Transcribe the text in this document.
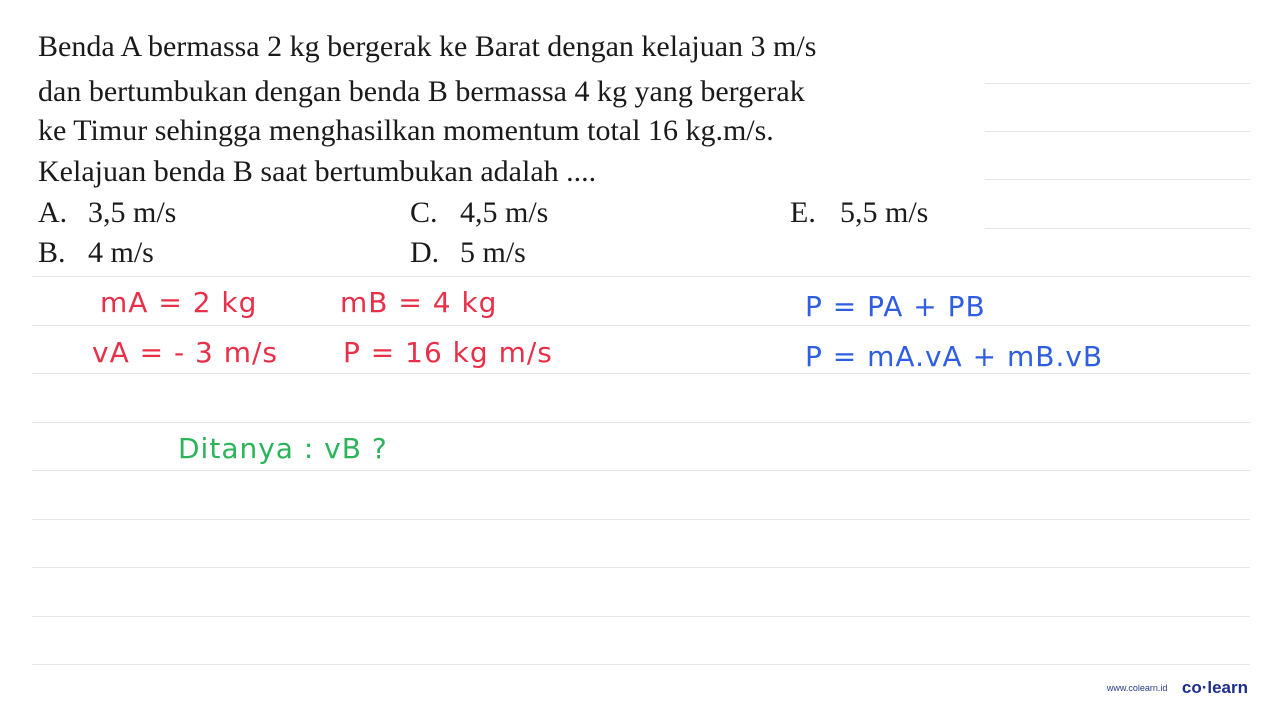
Benda A bermassa 2 kg bergerak ke Barat dengan kelajuan 3 m/s
dan bertumbukan dengan benda B bermassa 4 kg yang bergerak
ke Timur sehingga menghasilkan momentum total 16 kg.m/s.
Kelajuan benda B saat bertumbukan adalah ....
A. 3,5 m/s
B. 4 m/s
C. 4,5 m/s
D. 5 m/s
E. 5,5 m/s
mA = 2 kg
vA = - 3 m/s
mB = 4 kg
P = 16 kg m/s
P = PA + PB
P = mA.vA + mB.vB
Ditanya : vB ?
www.colearn.id co·learn
